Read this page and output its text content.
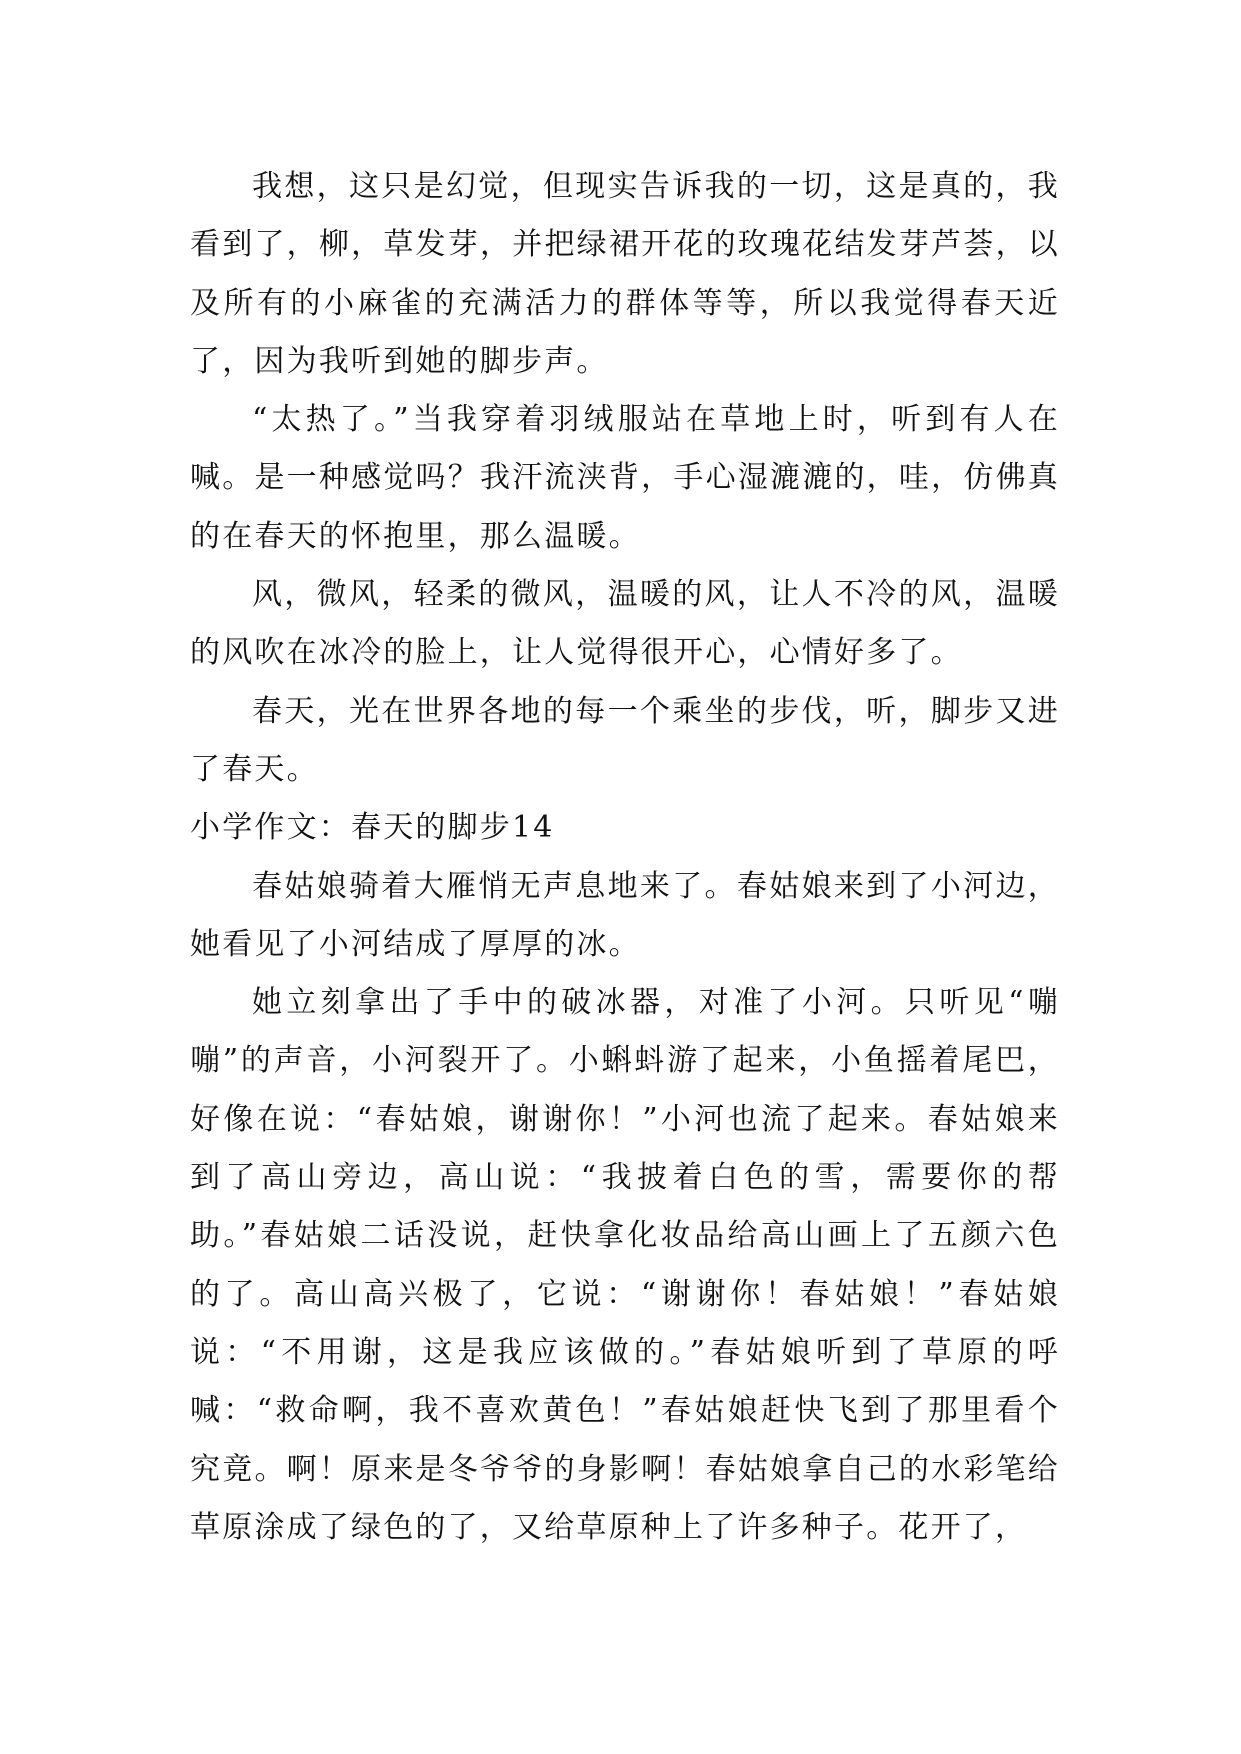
我想，这只是幻觉，但现实告诉我的一切，这是真的，我看到了，柳，草发芽，并把绿裙开花的玫瑰花结发芽芦荟，以及所有的小麻雀的充满活力的群体等等，所以我觉得春天近了，因为我听到她的脚步声。

“太热了。”当我穿着羽绒服站在草地上时，听到有人在喊。是一种感觉吗？我汗流浃背，手心湿漉漉的，哇，仿佛真的在春天的怀抱里，那么温暖。

风，微风，轻柔的微风，温暖的风，让人不冷的风，温暖的风吹在冰冷的脸上，让人觉得很开心，心情好多了。

春天，光在世界各地的每一个乘坐的步伐，听，脚步又进了春天。

小学作文：春天的脚步14

春姑娘骑着大雁悄无声息地来了。春姑娘来到了小河边，她看见了小河结成了厚厚的冰。

她立刻拿出了手中的破冰器，对准了小河。只听见“嘣嘣”的声音，小河裂开了。小蝌蚪游了起来，小鱼摇着尾巴，好像在说：“春姑娘，谢谢你！”小河也流了起来。春姑娘来到了高山旁边，高山说：“我披着白色的雪，需要你的帮助。”春姑娘二话没说，赶快拿化妆品给高山画上了五颜六色的了。高山高兴极了，它说：“谢谢你！春姑娘！”春姑娘说：“不用谢，这是我应该做的。”春姑娘听到了草原的呼喊：“救命啊，我不喜欢黄色！”春姑娘赶快飞到了那里看个究竟。啊！原来是冬爷爷的身影啊！春姑娘拿自己的水彩笔给草原涂成了绿色的了，又给草原种上了许多种子。花开了，
